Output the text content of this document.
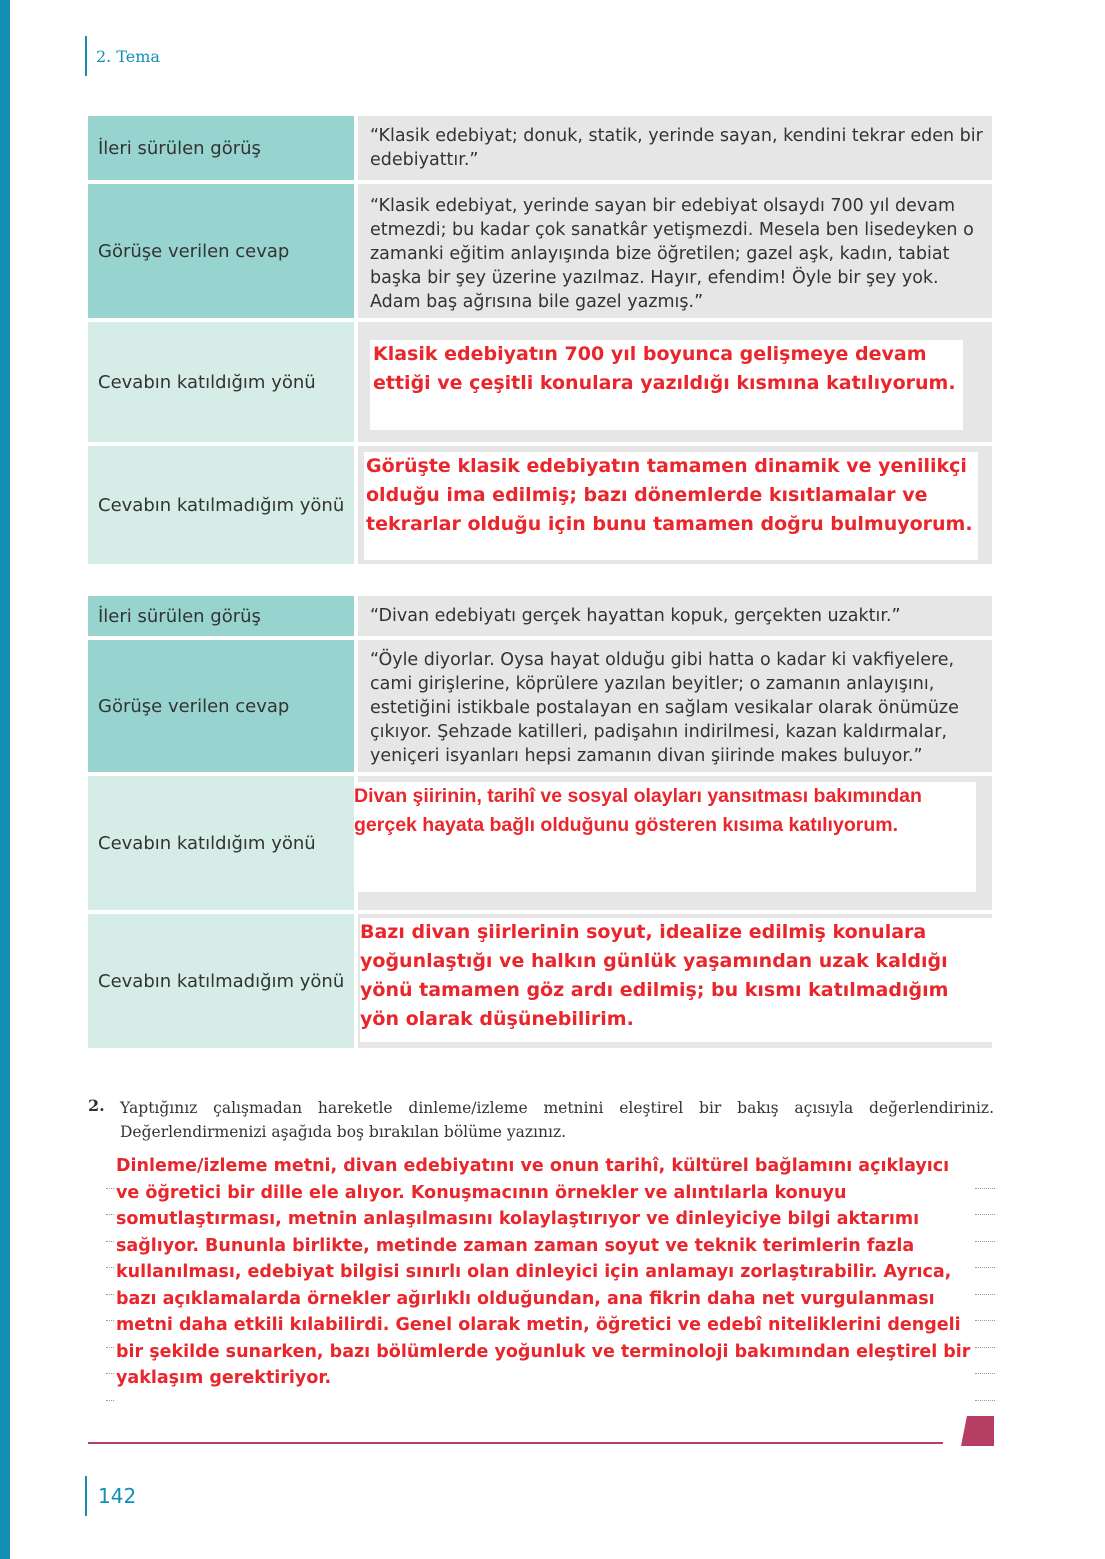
2. Tema
İleri sürülen görüş
“Klasik edebiyat; donuk, statik, yerinde sayan, kendini tekrar eden bir edebiyattır.”
Görüşe verilen cevap
“Klasik edebiyat, yerinde sayan bir edebiyat olsaydı 700 yıl devam etmezdi; bu kadar çok sanatkâr yetişmezdi. Mesela ben lisedeyken o zamanki eğitim anlayışında bize öğretilen; gazel aşk, kadın, tabiat başka bir şey üzerine yazılmaz. Hayır, efendim! Öyle bir şey yok. Adam baş ağrısına bile gazel yazmış.”
Cevabın katıldığım yönü
Klasik edebiyatın 700 yıl boyunca gelişmeye devam ettiği ve çeşitli konulara yazıldığı kısmına katılıyorum.
Cevabın katılmadığım yönü
Görüşte klasik edebiyatın tamamen dinamik ve yenilikçi olduğu ima edilmiş; bazı dönemlerde kısıtlamalar ve tekrarlar olduğu için bunu tamamen doğru bulmuyorum.
İleri sürülen görüş	“Divan edebiyatı gerçek hayattan kopuk, gerçekten uzaktır.”
Görüşe verilen cevap
“Öyle diyorlar. Oysa hayat olduğu gibi hatta o kadar ki vakfiyelere, cami girişlerine, köprülere yazılan beyitler; o zamanın anlayışını, estetiğini istikbale postalayan en sağlam vesikalar olarak önümüze çıkıyor. Şehzade katilleri, padişahın indirilmesi, kazan kaldırmalar, yeniçeri isyanları hepsi zamanın divan şiirinde makes buluyor.”
Cevabın katıldığım yönü
Divan şiirinin, tarihî ve sosyal olayları yansıtması bakımından gerçek hayata bağlı olduğunu gösteren kısıma katılıyorum.
Cevabın katılmadığım yönü
Bazı divan şiirlerinin soyut, idealize edilmiş konulara yoğunlaştığı ve halkın günlük yaşamından uzak kaldığı yönü tamamen göz ardı edilmiş; bu kısmı katılmadığım yön olarak düşünebilirim.
2. Yaptığınız çalışmadan hareketle dinleme/izleme metnini eleştirel bir bakış açısıyla değerlendiriniz. Değerlendirmenizi aşağıda boş bırakılan bölüme yazınız.
Dinleme/izleme metni, divan edebiyatını ve onun tarihî, kültürel bağlamını açıklayıcı ve öğretici bir dille ele alıyor. Konuşmacının örnekler ve alıntılarla konuyu somutlaştırması, metnin anlaşılmasını kolaylaştırıyor ve dinleyiciye bilgi aktarımı sağlıyor. Bununla birlikte, metinde zaman zaman soyut ve teknik terimlerin fazla kullanılması, edebiyat bilgisi sınırlı olan dinleyici için anlamayı zorlaştırabilir. Ayrıca, bazı açıklamalarda örnekler ağırlıklı olduğundan, ana fikrin daha net vurgulanması metni daha etkili kılabilirdi. Genel olarak metin, öğretici ve edebî niteliklerini dengeli bir şekilde sunarken, bazı bölümlerde yoğunluk ve terminoloji bakımından eleştirel bir yaklaşım gerektiriyor.
142
